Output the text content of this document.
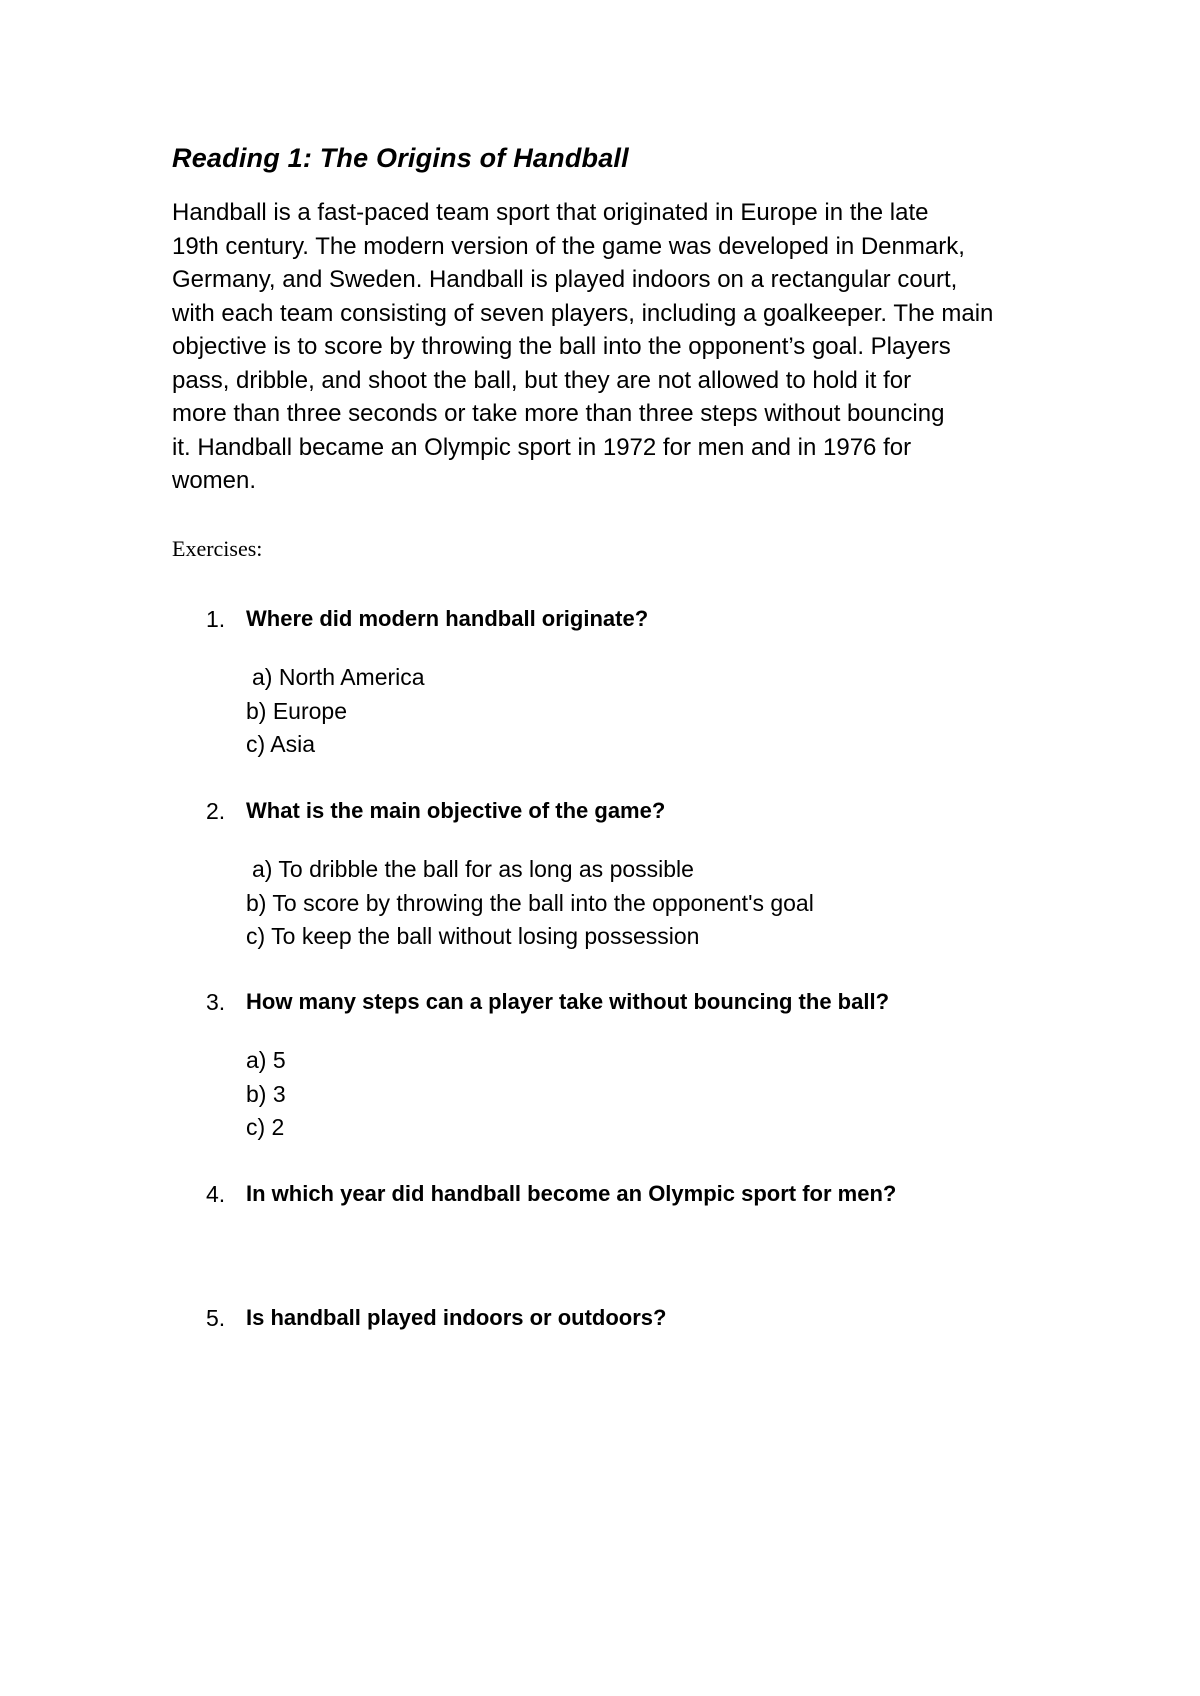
Reading 1: The Origins of Handball

Handball is a fast-paced team sport that originated in Europe in the late
19th century. The modern version of the game was developed in Denmark,
Germany, and Sweden. Handball is played indoors on a rectangular court,
with each team consisting of seven players, including a goalkeeper. The main
objective is to score by throwing the ball into the opponent’s goal. Players
pass, dribble, and shoot the ball, but they are not allowed to hold it for
more than three seconds or take more than three steps without bouncing
it. Handball became an Olympic sport in 1972 for men and in 1976 for
women.

Exercises:
1. Where did modern handball originate?
a) North America
b) Europe
c) Asia
2. What is the main objective of the game?
a) To dribble the ball for as long as possible
b) To score by throwing the ball into the opponent's goal
c) To keep the ball without losing possession
3. How many steps can a player take without bouncing the ball?
a) 5
b) 3
c) 2
4. In which year did handball become an Olympic sport for men?
5. Is handball played indoors or outdoors?
